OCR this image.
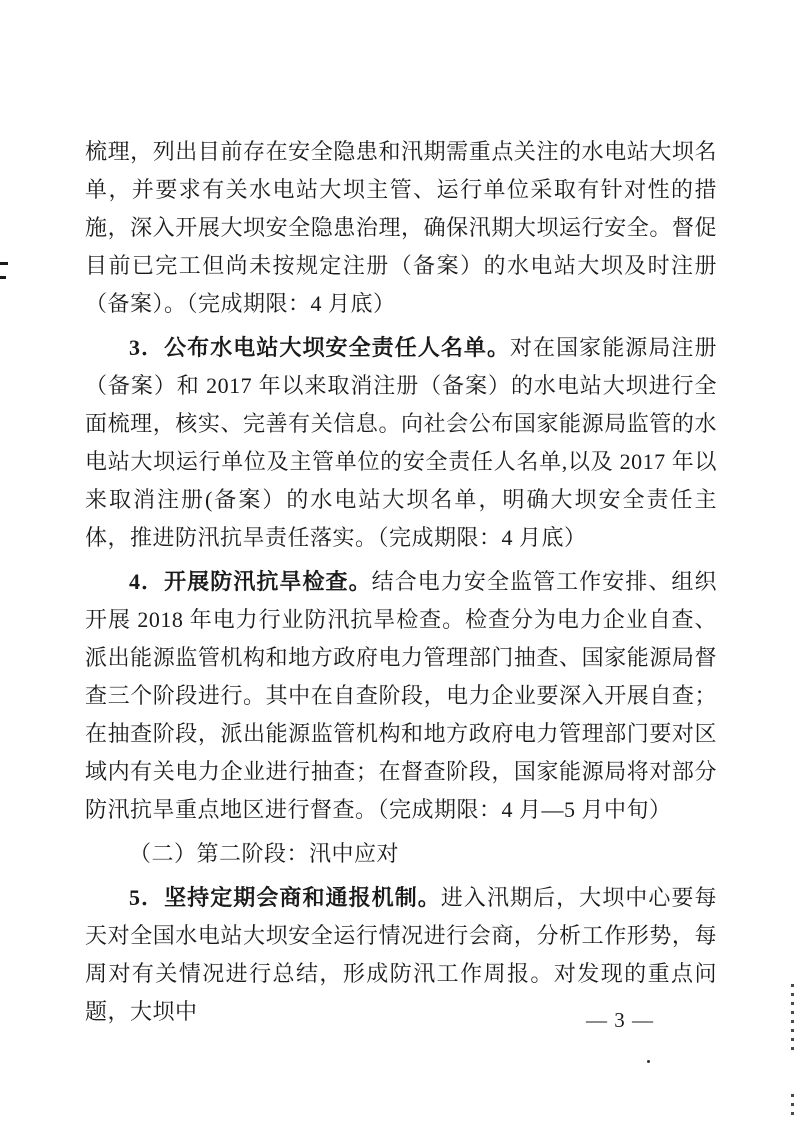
梳理，列出目前存在安全隐患和汛期需重点关注的水电站大坝名单，并要求有关水电站大坝主管、运行单位采取有针对性的措施，深入开展大坝安全隐患治理，确保汛期大坝运行安全。督促目前已完工但尚未按规定注册（备案）的水电站大坝及时注册（备案）。（完成期限：4 月底）

3．公布水电站大坝安全责任人名单。对在国家能源局注册（备案）和 2017 年以来取消注册（备案）的水电站大坝进行全面梳理，核实、完善有关信息。向社会公布国家能源局监管的水电站大坝运行单位及主管单位的安全责任人名单,以及 2017 年以来取消注册(备案）的水电站大坝名单，明确大坝安全责任主体，推进防汛抗旱责任落实。（完成期限：4 月底）

4．开展防汛抗旱检查。结合电力安全监管工作安排、组织开展 2018 年电力行业防汛抗旱检查。检查分为电力企业自查、派出能源监管机构和地方政府电力管理部门抽查、国家能源局督查三个阶段进行。其中在自查阶段，电力企业要深入开展自查；在抽查阶段，派出能源监管机构和地方政府电力管理部门要对区域内有关电力企业进行抽查；在督查阶段，国家能源局将对部分防汛抗旱重点地区进行督查。（完成期限：4 月—5 月中旬）

（二）第二阶段：汛中应对

5．坚持定期会商和通报机制。进入汛期后，大坝中心要每天对全国水电站大坝安全运行情况进行会商，分析工作形势，每周对有关情况进行总结，形成防汛工作周报。对发现的重点问题，大坝中	— 3 —
